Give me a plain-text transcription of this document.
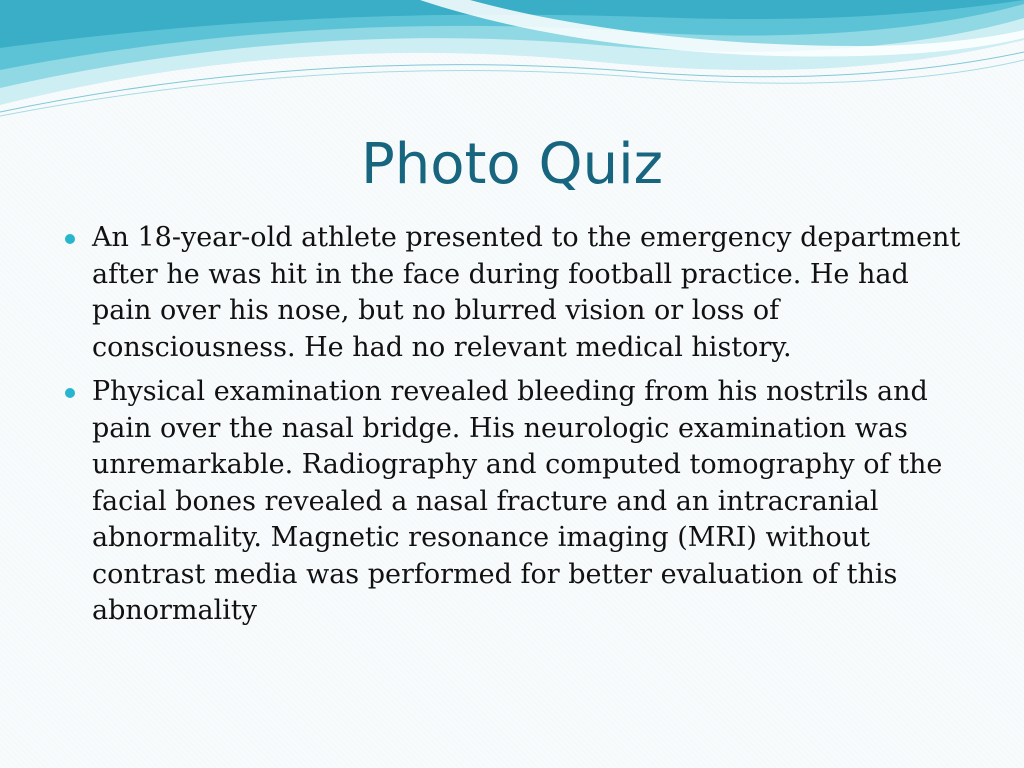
Photo Quiz
An 18-year-old athlete presented to the emergency department after he was hit in the face during football practice. He had pain over his nose, but no blurred vision or loss of consciousness. He had no relevant medical history.
Physical examination revealed bleeding from his nostrils and pain over the nasal bridge. His neurologic examination was unremarkable. Radiography and computed tomography of the facial bones revealed a nasal fracture and an intracranial abnormality. Magnetic resonance imaging (MRI) without contrast media was performed for better evaluation of this abnormality
